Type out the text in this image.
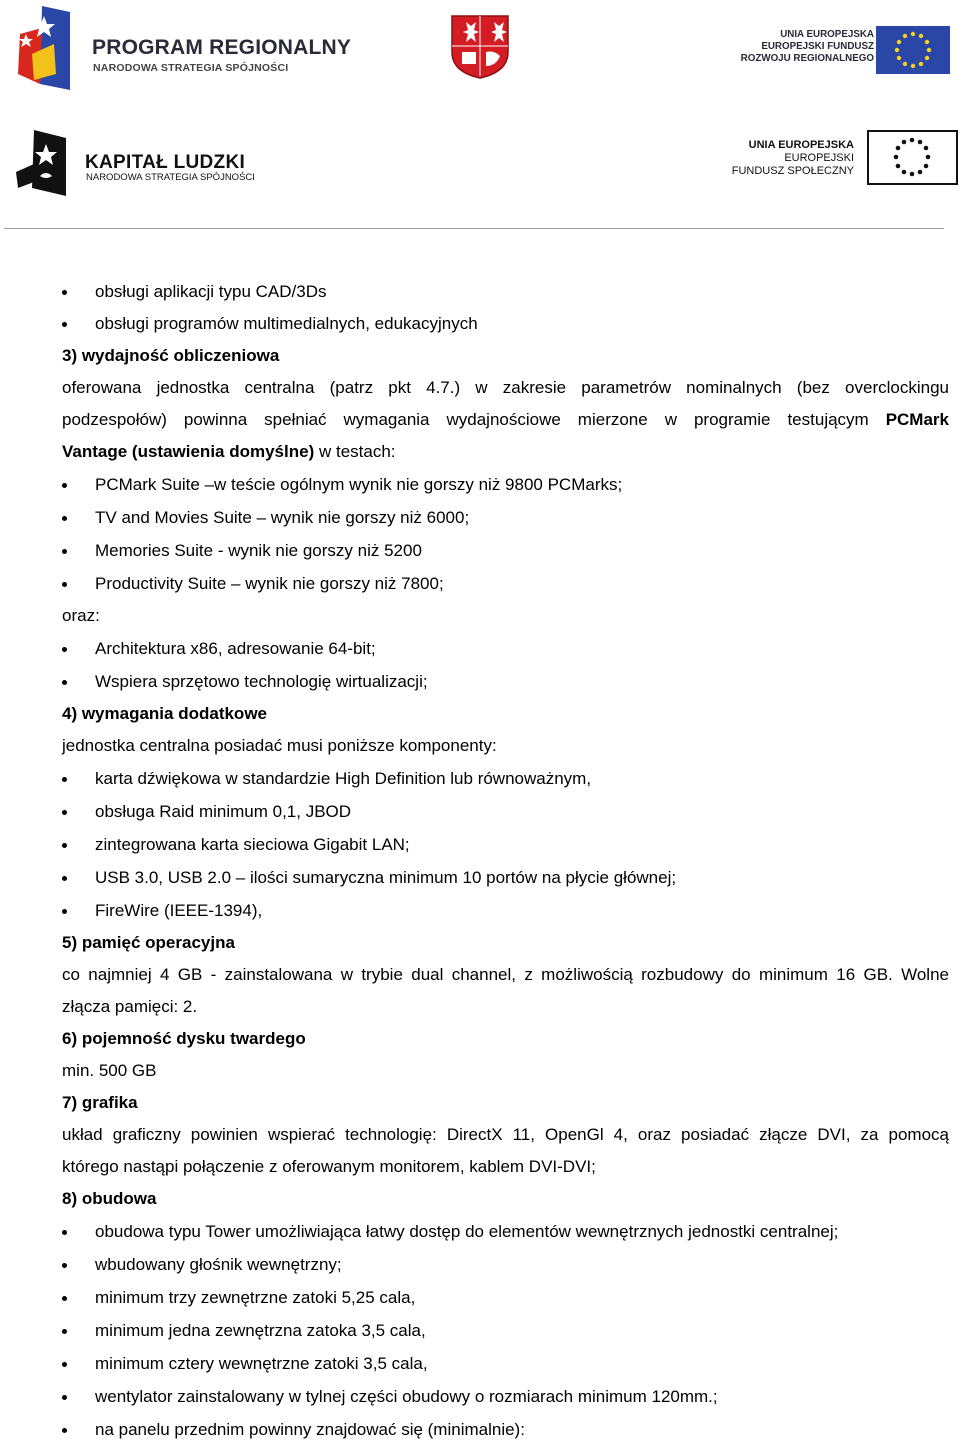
PROGRAM REGIONALNY
NARODOWA STRATEGIA SPÓJNOŚCI
UNIA EUROPEJSKA
EUROPEJSKI FUNDUSZ
ROZWOJU REGIONALNEGO
KAPITAŁ LUDZKI
NARODOWA STRATEGIA SPÓJNOŚCI
UNIA EUROPEJSKA
EUROPEJSKI
FUNDUSZ SPOŁECZNY
obsługi aplikacji typu CAD/3Ds
obsługi programów multimedialnych, edukacyjnych
3) wydajność obliczeniowa
oferowana jednostka centralna (patrz pkt 4.7.) w zakresie parametrów nominalnych (bez overclockingu
podzespołów) powinna spełniać wymagania wydajnościowe mierzone w programie testującym PCMark
Vantage (ustawienia domyślne) w testach:
PCMark Suite –w teście ogólnym wynik nie gorszy niż 9800 PCMarks;
TV and Movies Suite – wynik nie gorszy niż 6000;
Memories Suite - wynik nie gorszy niż 5200
Productivity Suite – wynik nie gorszy niż 7800;
oraz:
Architektura x86, adresowanie 64-bit;
Wspiera sprzętowo technologię wirtualizacji;
4) wymagania dodatkowe
jednostka centralna posiadać musi poniższe komponenty:
karta dźwiękowa w standardzie High Definition lub równoważnym,
obsługa Raid minimum 0,1, JBOD
zintegrowana karta sieciowa Gigabit LAN;
USB 3.0, USB 2.0 – ilości sumaryczna minimum 10 portów na płycie głównej;
FireWire (IEEE-1394),
5) pamięć operacyjna
co najmniej 4 GB - zainstalowana w trybie dual channel, z możliwością rozbudowy do minimum 16 GB. Wolne
złącza pamięci: 2.
6) pojemność dysku twardego
min. 500 GB
7) grafika
układ graficzny powinien wspierać technologię: DirectX 11, OpenGl 4, oraz posiadać złącze DVI, za pomocą
którego nastąpi połączenie z oferowanym monitorem, kablem DVI-DVI;
8) obudowa
obudowa typu Tower umożliwiająca łatwy dostęp do elementów wewnętrznych jednostki centralnej;
wbudowany głośnik wewnętrzny;
minimum trzy zewnętrzne zatoki 5,25 cala,
minimum jedna zewnętrzna zatoka 3,5 cala,
minimum cztery wewnętrzne zatoki 3,5 cala,
wentylator zainstalowany w tylnej części obudowy o rozmiarach minimum 120mm.;
na panelu przednim powinny znajdować się (minimalnie):
